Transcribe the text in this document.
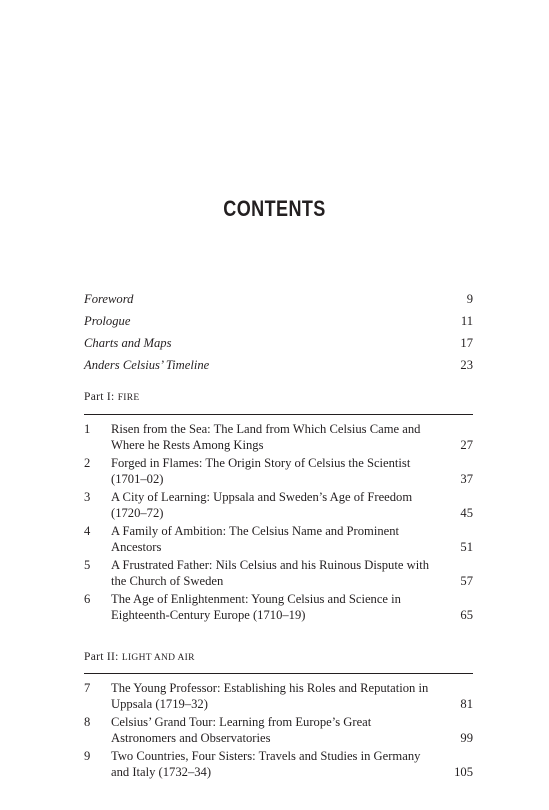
CONTENTS
Foreword	9
Prologue	11
Charts and Maps	17
Anders Celsius’ Timeline	23
Part I: FIRE
1 Risen from the Sea: The Land from Which Celsius Came and Where he Rests Among Kings	27
2 Forged in Flames: The Origin Story of Celsius the Scientist (1701–02)	37
3 A City of Learning: Uppsala and Sweden’s Age of Freedom (1720–72)	45
4 A Family of Ambition: The Celsius Name and Prominent Ancestors	51
5 A Frustrated Father: Nils Celsius and his Ruinous Dispute with the Church of Sweden	57
6 The Age of Enlightenment: Young Celsius and Science in Eighteenth-Century Europe (1710–19)	65
Part II: LIGHT AND AIR
7 The Young Professor: Establishing his Roles and Reputation in Uppsala (1719–32)	81
8 Celsius’ Grand Tour: Learning from Europe’s Great Astronomers and Observatories	99
9 Two Countries, Four Sisters: Travels and Studies in Germany and Italy (1732–34)	105
